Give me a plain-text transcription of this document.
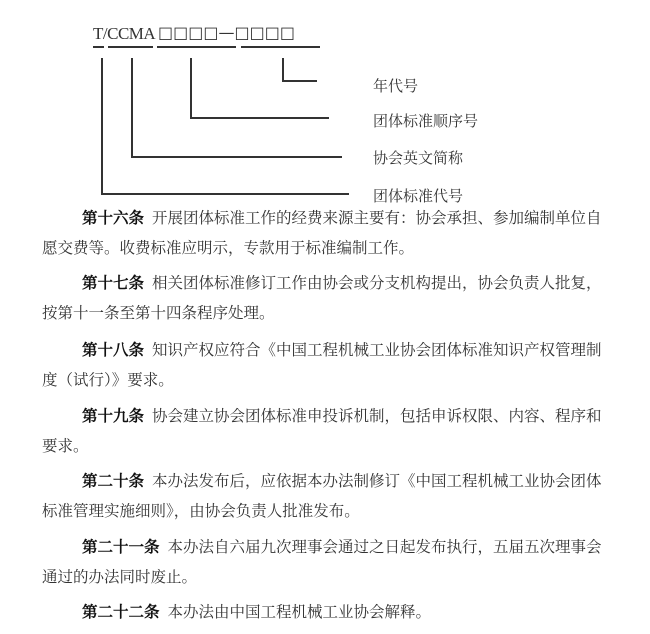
T/CCMA □□□□—□□□□
年代号
团体标准顺序号
协会英文简称
团体标准代号

第十六条 开展团体标准工作的经费来源主要有：协会承担、参加编制单位自愿交费等。收费标准应明示，专款用于标准编制工作。

第十七条 相关团体标准修订工作由协会或分支机构提出，协会负责人批复，按第十一条至第十四条程序处理。

第十八条 知识产权应符合《中国工程机械工业协会团体标准知识产权管理制度（试行）》要求。

第十九条 协会建立协会团体标准申投诉机制，包括申诉权限、内容、程序和要求。

第二十条 本办法发布后，应依据本办法制修订《中国工程机械工业协会团体标准管理实施细则》，由协会负责人批准发布。

第二十一条 本办法自六届九次理事会通过之日起发布执行，五届五次理事会通过的办法同时废止。

第二十二条 本办法由中国工程机械工业协会解释。
